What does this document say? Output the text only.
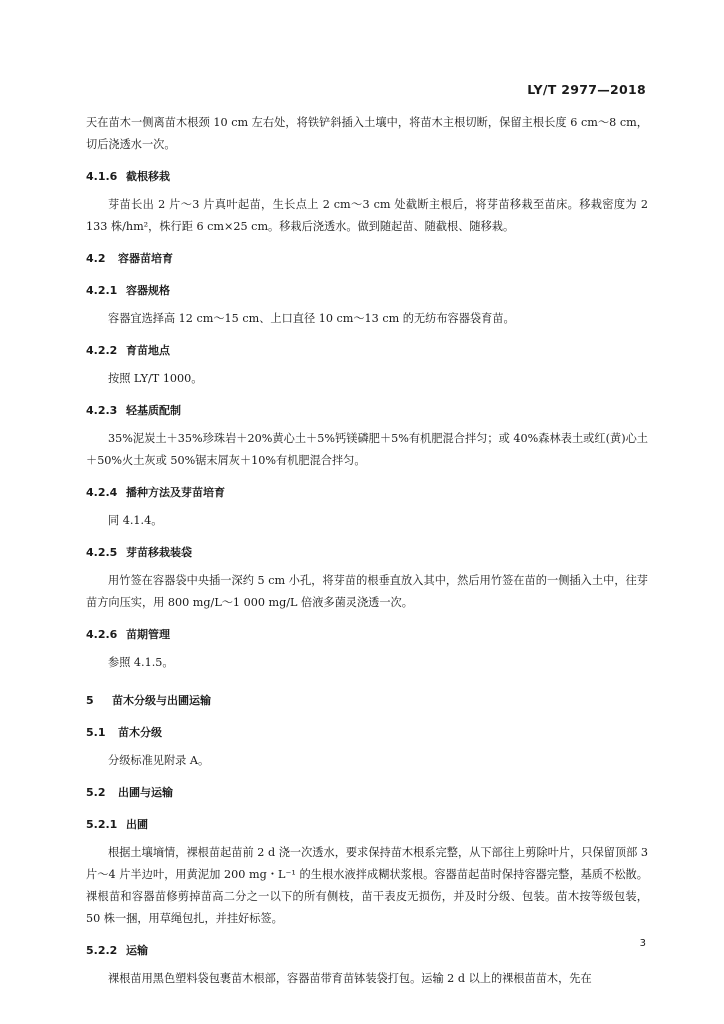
LY/T 2977—2018

天在苗木一侧离苗木根颈 10 cm 左右处，将铁铲斜插入土壤中，将苗木主根切断，保留主根长度 6 cm～8 cm，切后浇透水一次。

4.1.6 截根移栽

芽苗长出 2 片～3 片真叶起苗，生长点上 2 cm～3 cm 处截断主根后，将芽苗移栽至苗床。移栽密度为 2 133 株/hm²，株行距 6 cm×25 cm。移栽后浇透水。做到随起苗、随截根、随移栽。

4.2 容器苗培育
4.2.1 容器规格

容器宜选择高 12 cm～15 cm、上口直径 10 cm～13 cm 的无纺布容器袋育苗。

4.2.2 育苗地点

按照 LY/T 1000。

4.2.3 轻基质配制

35%泥炭土＋35%珍珠岩＋20%黄心土＋5%钙镁磷肥＋5%有机肥混合拌匀；或 40%森林表土或红(黄)心土＋50%火土灰或 50%锯末屑灰＋10%有机肥混合拌匀。

4.2.4 播种方法及芽苗培育

同 4.1.4。

4.2.5 芽苗移栽装袋

用竹签在容器袋中央插一深约 5 cm 小孔，将芽苗的根垂直放入其中，然后用竹签在苗的一侧插入土中，往芽苗方向压实，用 800 mg/L～1 000 mg/L 倍液多菌灵浇透一次。

4.2.6 苗期管理

参照 4.1.5。

5 苗木分级与出圃运输
5.1 苗木分级

分级标准见附录 A。

5.2 出圃与运输
5.2.1 出圃

根据土壤墒情，裸根苗起苗前 2 d 浇一次透水，要求保持苗木根系完整，从下部往上剪除叶片，只保留顶部 3 片～4 片半边叶，用黄泥加 200 mg・L⁻¹ 的生根水液拌成糊状浆根。容器苗起苗时保持容器完整，基质不松散。裸根苗和容器苗修剪掉苗高二分之一以下的所有侧枝，苗干表皮无损伤，并及时分级、包装。苗木按等级包装，50 株一捆，用草绳包扎，并挂好标签。

5.2.2 运输

裸根苗用黑色塑料袋包裹苗木根部，容器苗带育苗钵装袋打包。运输 2 d 以上的裸根苗苗木，先在

3
